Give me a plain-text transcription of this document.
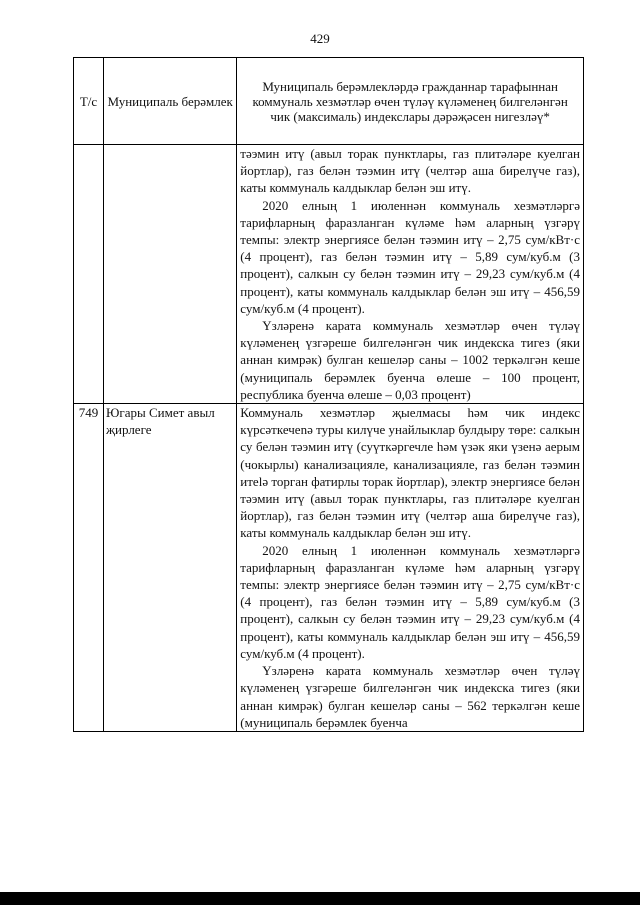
429
Т/с	Муниципаль берәмлек	Муниципаль берәмлекләрдә гражданнар тарафыннан коммуналь хезмәтләр өчен түләү күләменең билгеләнгән чик (максималь) индекслары дәрәҗәсен нигезләү*

		тәэмин итү (авыл торак пунктлары, газ плитәләре куелган йортлар), газ белән тәэмин итү (челтәр аша бирелүче газ), каты коммуналь калдыклар белән эш итү.

2020 елның 1 июленнән коммуналь хезмәтләргә тарифларның фаразланган күләме һәм аларның үзгәрү темпы: электр энергиясе белән тәэмин итү – 2,75 сум/кВт·с (4 процент), газ белән тәэмин итү – 5,89 сум/куб.м (3 процент), салкын су белән тәэмин итү – 29,23 сум/куб.м (4 процент), каты коммуналь калдыклар белән эш итү – 456,59 сум/куб.м (4 процент).

Үзләренә карата коммуналь хезмәтләр өчен түләү күләменең үзгәреше билгеләнгән чик индекска тигез (яки аннан кимрәк) булган кешеләр саны – 1002 теркәлгән кеше (муниципаль берәмлек буенча өлеше – 100 процент, республика буенча өлеше – 0,03 процент)

749	Югары Симет авыл җирлеге	Коммуналь хезмәтләр җыелмасы һәм чик индекс күрсәткечenә туры килүче унайлыклар булдыру төре: салкын су белән тәэмин итү (суүткәргечле һәм үзәк яки үзенә аерым (чокырлы) канализацияле, канализацияле, газ белән тәэмин итеlә торган фатирлы торак йортлар), электр энергиясе белән тәэмин итү (авыл торак пунктлары, газ плитәләре куелган йортлар), газ белән тәэмин итү (челтәр аша бирелүче газ), каты коммуналь калдыклар белән эш итү.

2020 елның 1 июленнән коммуналь хезмәтләргә тарифларның фаразланган күләме һәм аларның үзгәрү темпы: электр энергиясе белән тәэмин итү – 2,75 сум/кВт·с (4 процент), газ белән тәэмин итү – 5,89 сум/куб.м (3 процент), салкын су белән тәэмин итү – 29,23 сум/куб.м (4 процент), каты коммуналь калдыклар белән эш итү – 456,59 сум/куб.м (4 процент).

Үзләренә карата коммуналь хезмәтләр өчен түләү күләменең үзгәреше билгеләнгән чик индекска тигез (яки аннан кимрәк) булган кешеләр саны – 562 теркәлгән кеше (муниципаль берәмлек буенча
